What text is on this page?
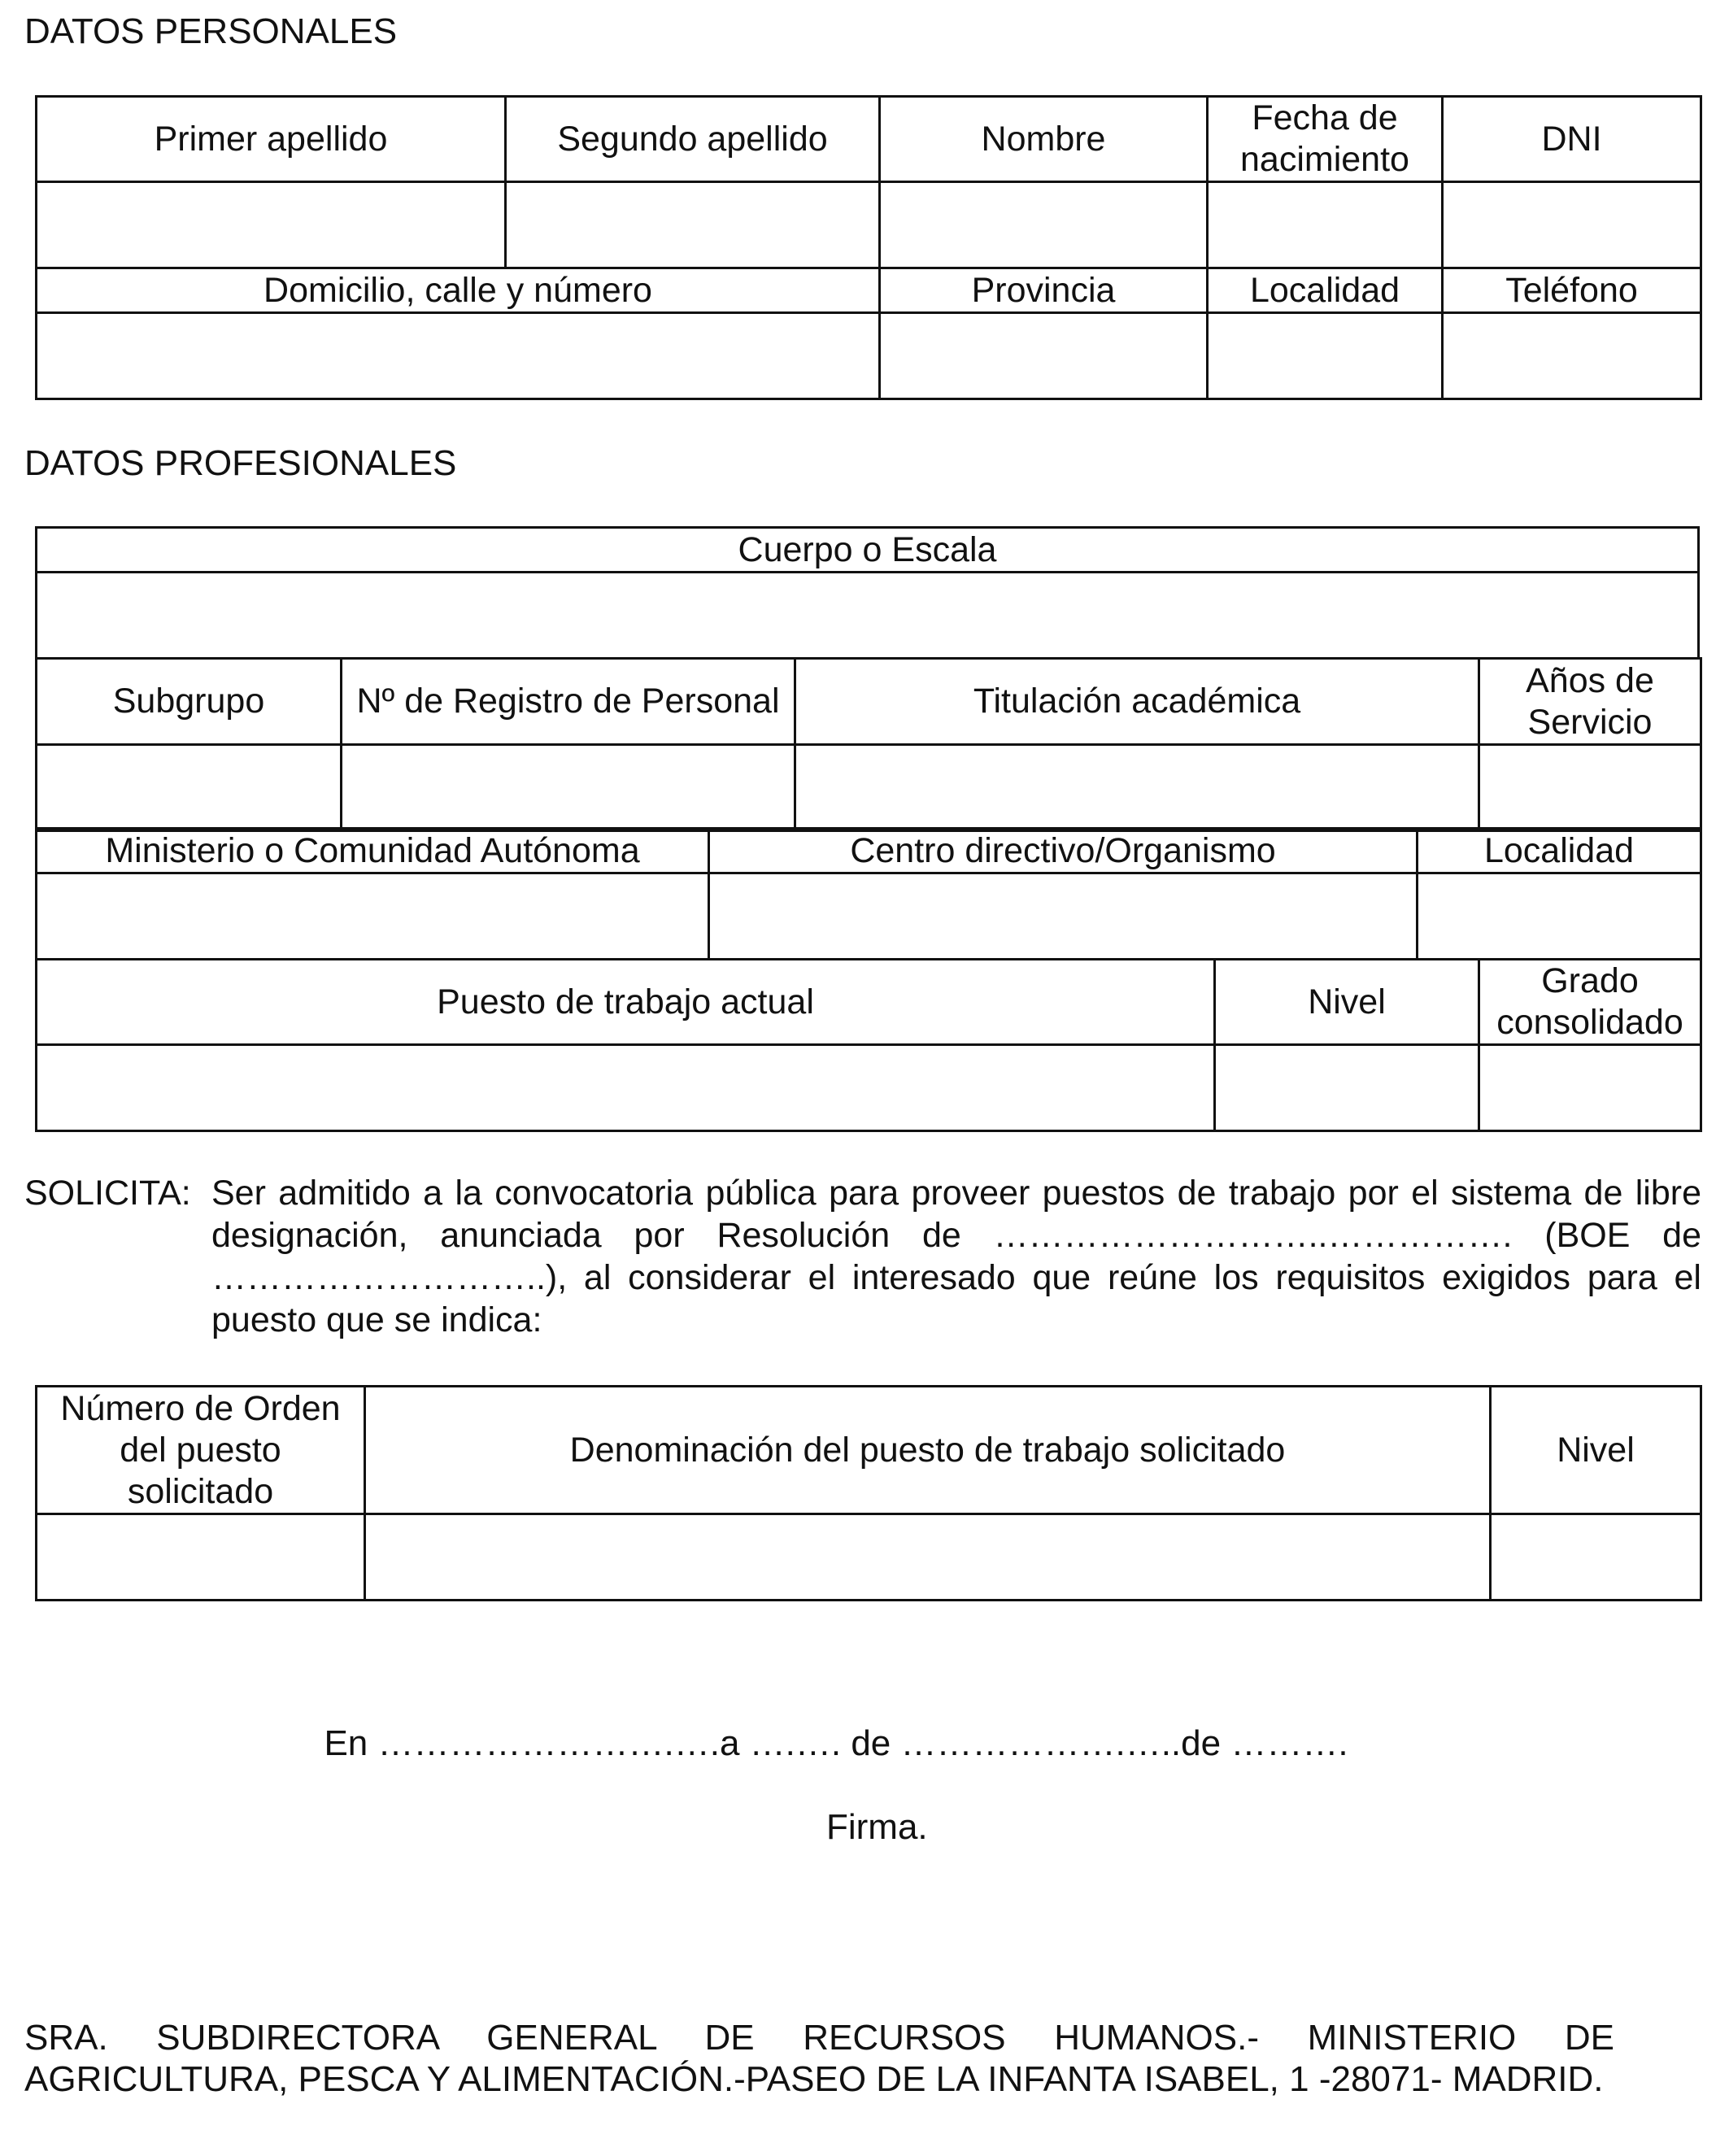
DATOS PERSONALES
Primer apellido	Segundo apellido	Nombre	Fecha de nacimiento	DNI

Domicilio, calle y número		Provincia	Localidad	Teléfono

DATOS PROFESIONALES
Cuerpo o Escala

Subgrupo	Nº de Registro de Personal	Titulación académica	Años de Servicio

Ministerio o Comunidad Autónoma	Centro directivo/Organismo	Localidad

Puesto de trabajo actual	Nivel	Grado consolidado

SOLICITA: Ser admitido a la convocatoria pública para proveer puestos de trabajo por el sistema de libre designación, anunciada por Resolución de ………………………..……………. (BOE de ………………………..), al considerar el interesado que reúne los requisitos exigidos para el puesto que se indica:
Número de Orden del puesto solicitado	Denominación del puesto de trabajo solicitado	Nivel

En …………………….….a ….…. de ……………….…..de ……….
Firma.
SRA. SUBDIRECTORA GENERAL DE RECURSOS HUMANOS.- MINISTERIO DE AGRICULTURA, PESCA Y ALIMENTACIÓN.-PASEO DE LA INFANTA ISABEL, 1 -28071- MADRID.
